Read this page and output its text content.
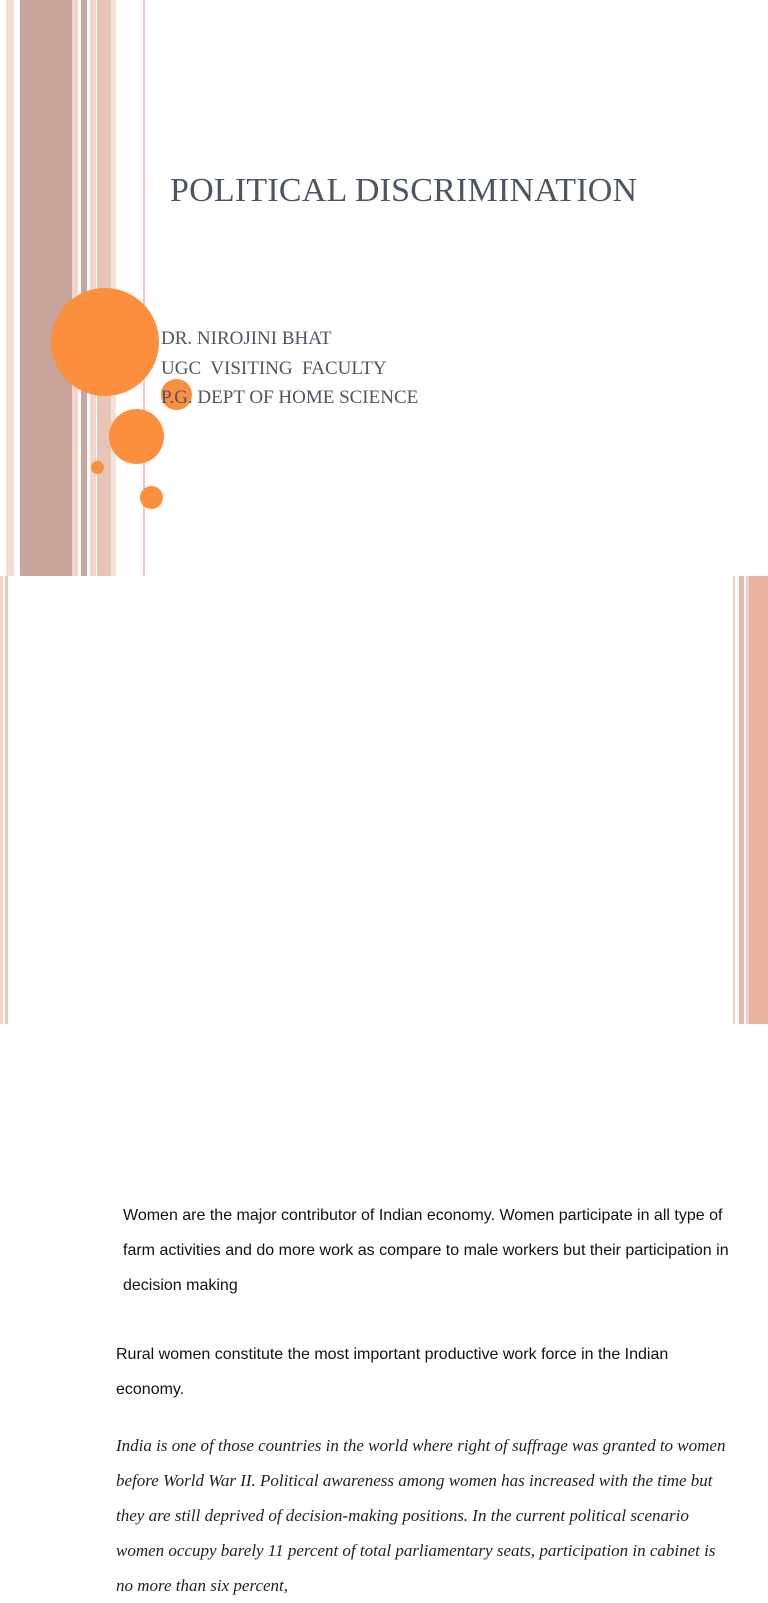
POLITICAL DISCRIMINATION
DR. NIROJINI BHAT
UGC  VISITING  FACULTY
P.G. DEPT OF HOME SCIENCE

Women are the major contributor of Indian economy. Women participate in all type of farm activities and do more work as compare to male workers but their participation in decision making

Rural women constitute the most important productive work force in the Indian economy.

India is one of those countries in the world where right of suffrage was granted to women before World War II. Political awareness among women has increased with the time but they are still deprived of decision-making positions. In the current political scenario women occupy barely 11 percent of total parliamentary seats, participation in cabinet is no more than six percent,
